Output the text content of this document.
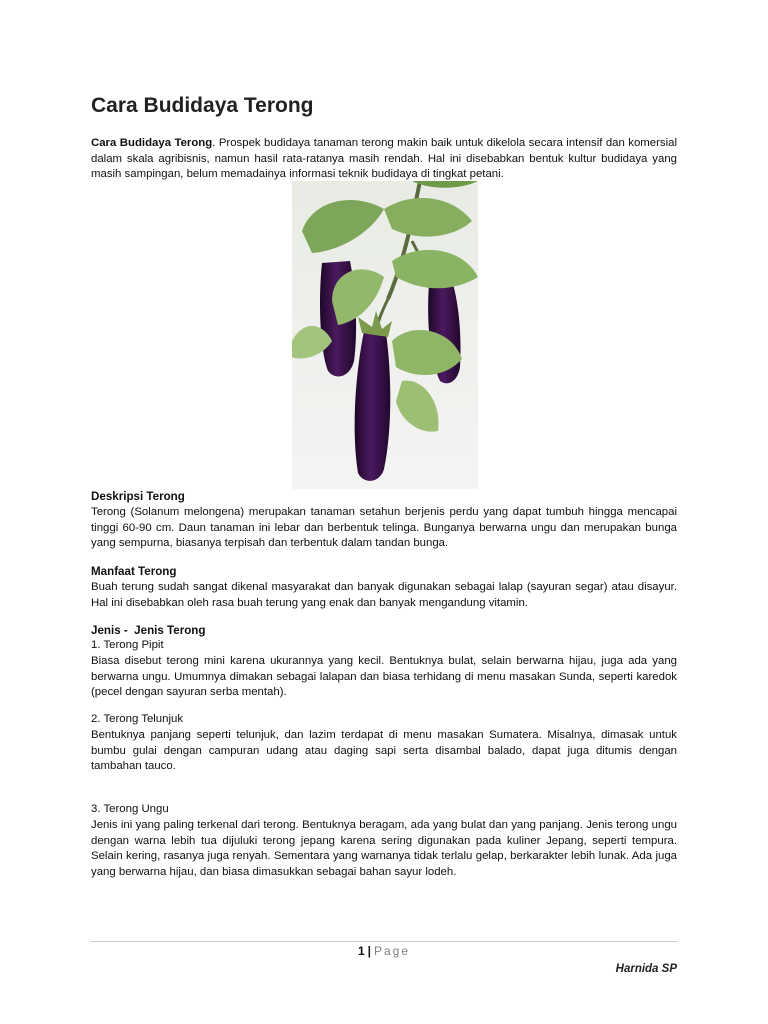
Cara Budidaya Terong

Cara Budidaya Terong. Prospek budidaya tanaman terong makin baik untuk dikelola secara intensif dan komersial dalam skala agribisnis, namun hasil rata-ratanya masih rendah. Hal ini disebabkan bentuk kultur budidaya yang masih sampingan, belum memadainya informasi teknik budidaya di tingkat petani.

Deskripsi Terong

Terong (Solanum melongena) merupakan tanaman setahun berjenis perdu yang dapat tumbuh hingga mencapai tinggi 60-90 cm. Daun tanaman ini lebar dan berbentuk telinga. Bunganya berwarna ungu dan merupakan bunga yang sempurna, biasanya terpisah dan terbentuk dalam tandan bunga.

Manfaat Terong

Buah terung sudah sangat dikenal masyarakat dan banyak digunakan sebagai lalap (sayuran segar) atau disayur. Hal ini disebabkan oleh rasa buah terung yang enak dan banyak mengandung vitamin.

Jenis -  Jenis Terong
1. Terong Pipit

Biasa disebut terong mini karena ukurannya yang kecil. Bentuknya bulat, selain berwarna hijau, juga ada yang berwarna ungu. Umumnya dimakan sebagai lalapan dan biasa terhidang di menu masakan Sunda, seperti karedok (pecel dengan sayuran serba mentah).

2. Terong Telunjuk

Bentuknya panjang seperti telunjuk, dan lazim terdapat di menu masakan Sumatera. Misalnya, dimasak untuk bumbu gulai dengan campuran udang atau daging sapi serta disambal balado, dapat juga ditumis dengan tambahan tauco.

3. Terong Ungu

Jenis ini yang paling terkenal dari terong. Bentuknya beragam, ada yang bulat dan yang panjang. Jenis terong ungu dengan warna lebih tua dijuluki terong jepang karena sering digunakan pada kuliner Jepang, seperti tempura. Selain kering, rasanya juga renyah. Sementara yang warnanya tidak terlalu gelap, berkarakter lebih lunak. Ada juga yang berwarna hijau, dan biasa dimasukkan sebagai bahan sayur lodeh.

1 | Page
Harnida SP
